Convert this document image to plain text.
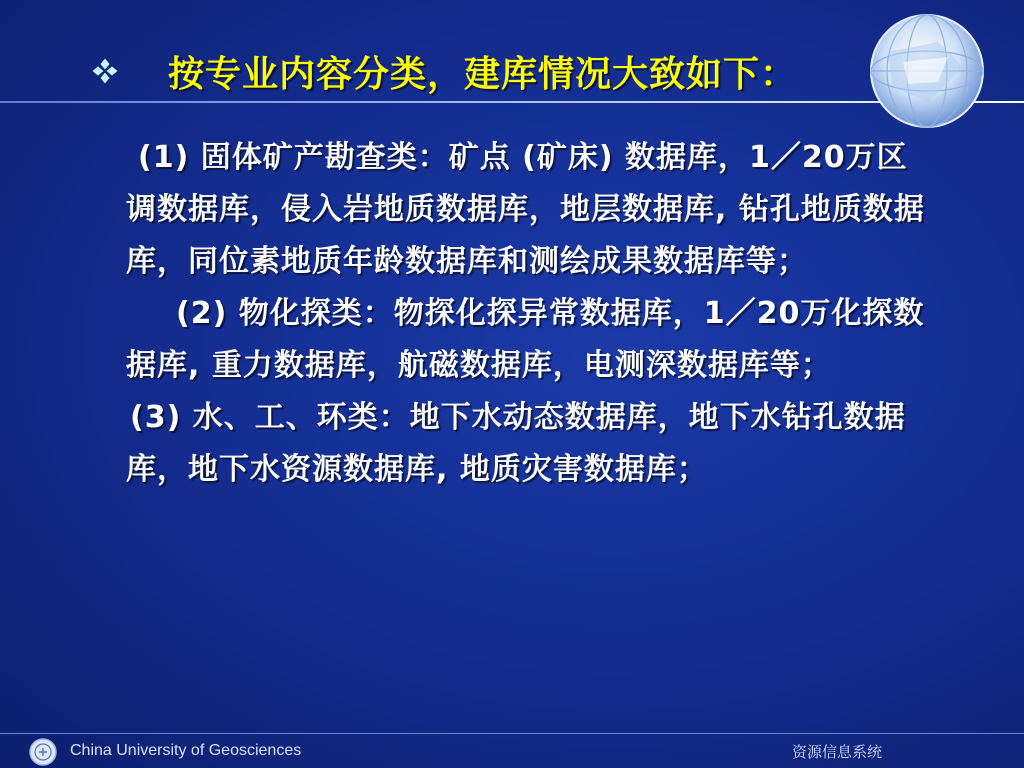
按专业内容分类，建库情况大致如下：

(1) 固体矿产勘查类：矿点 (矿床) 数据库，1／20万区调数据库，侵入岩地质数据库，地层数据库, 钻孔地质数据库，同位素地质年龄数据库和测绘成果数据库等；

(2) 物化探类：物探化探异常数据库，1／20万化探数据库, 重力数据库，航磁数据库，电测深数据库等；

(3) 水、工、环类：地下水动态数据库，地下水钻孔数据库，地下水资源数据库, 地质灾害数据库；

China University of Geosciences	资源信息系统
